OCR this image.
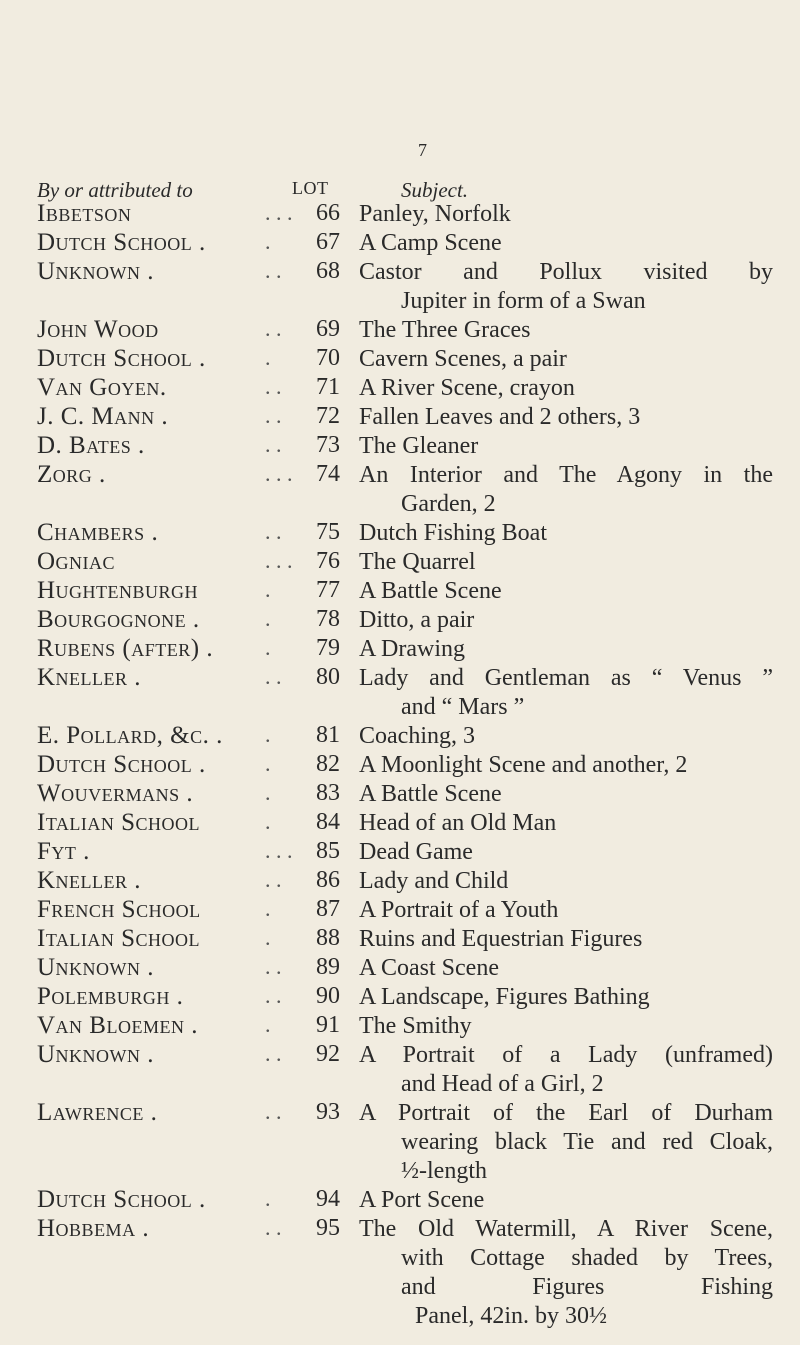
7
By or attributed to	LOT	Subject.
Ibbetson	. . . 66 Panley, Norfolk
Dutch School .	.	67 A Camp Scene
Unknown .	. .	68 Castor and Pollux visited by
Jupiter in form of a Swan
John Wood	. .	69 The Three Graces
Dutch School .	.	70 Cavern Scenes, a pair
Van Goyen.	. .	71 A River Scene, crayon
J. C. Mann .	. .	72 Fallen Leaves and 2 others, 3
D. Bates .	. .	73 The Gleaner
Zorg .	. . . 74 An Interior and The Agony in the
Garden, 2
Chambers .	. .	75 Dutch Fishing Boat
Ogniac	. . . 76 The Quarrel
Hughtenburgh	.	77 A Battle Scene
Bourgognone .	.	78 Ditto, a pair
Rubens (after) . .	79 A Drawing
Kneller .	. .	80 Lady and Gentleman as “ Venus ”
and “ Mars ”
E. Pollard, &c. . .	81 Coaching, 3
Dutch School .	.	82 A Moonlight Scene and another, 2
Wouvermans .	.	83 A Battle Scene
Italian School	.	84 Head of an Old Man
Fyt .	. . . 85 Dead Game
Kneller .	. .	86 Lady and Child
French School	.	87 A Portrait of a Youth
Italian School	.	88 Ruins and Equestrian Figures
Unknown .	. .	89 A Coast Scene
Polemburgh .	. .	90 A Landscape, Figures Bathing
Van Bloemen .	.	91 The Smithy
Unknown .	. .	92 A Portrait of a Lady (unframed)
and Head of a Girl, 2
Lawrence .	. .	93 A Portrait of the Earl of Durham
wearing black Tie and red Cloak,
½-length
Dutch School .	.	94 A Port Scene
Hobbema .	. .	95 The Old Watermill, A River Scene,
with Cottage shaded by Trees,
and Figures Fishing
Panel, 42in. by 30½
